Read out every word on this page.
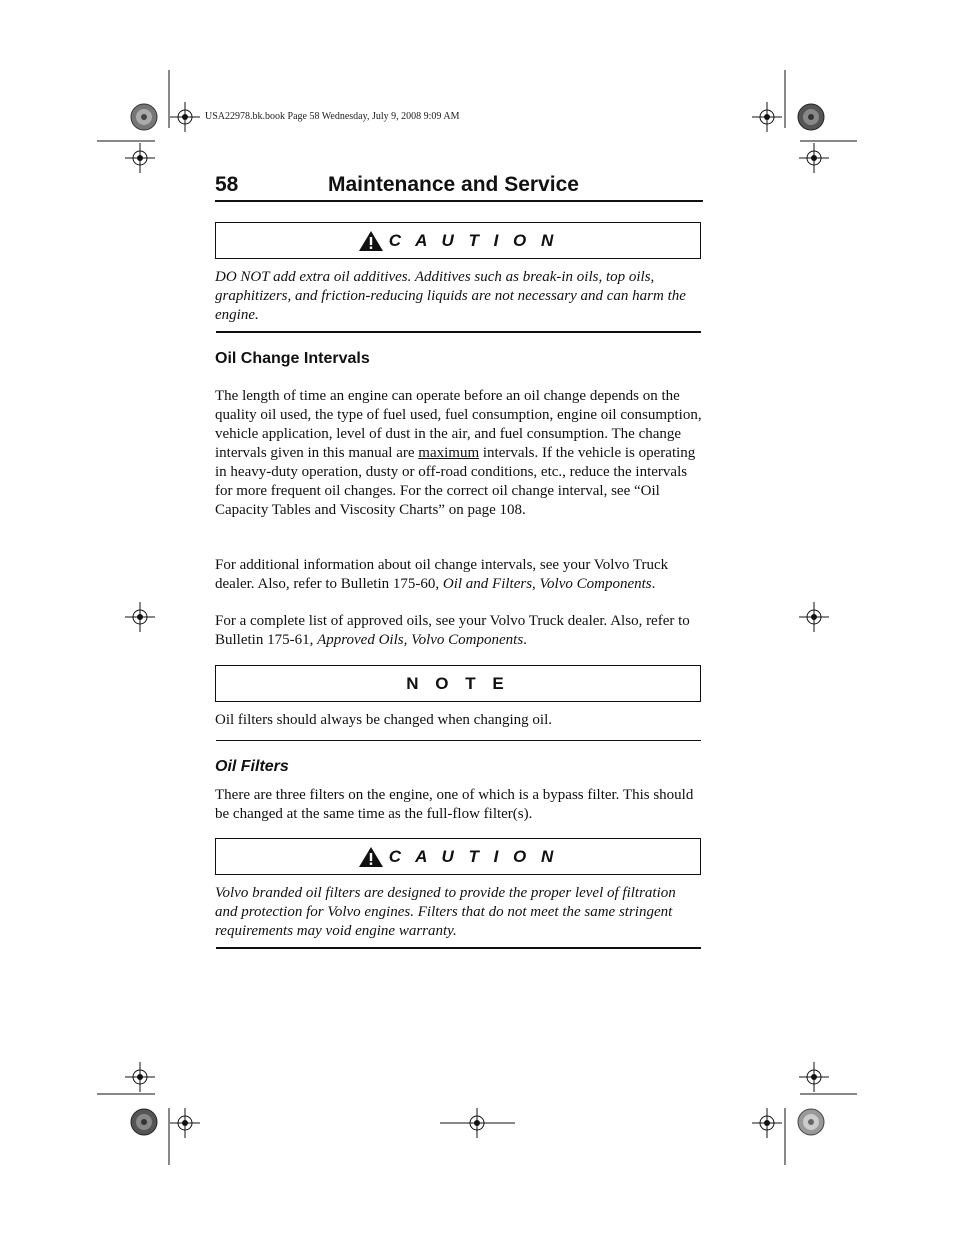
USA22978.bk.book Page 58 Wednesday, July 9, 2008 9:09 AM
58	Maintenance and Service
C A U T I O N
DO NOT add extra oil additives. Additives such as break-in oils, top oils, graphitizers, and friction-reducing liquids are not necessary and can harm the engine.
Oil Change Intervals
The length of time an engine can operate before an oil change depends on the quality oil used, the type of fuel used, fuel consumption, engine oil consumption, vehicle application, level of dust in the air, and fuel consumption. The change intervals given in this manual are maximum intervals. If the vehicle is operating in heavy-duty operation, dusty or off-road conditions, etc., reduce the intervals for more frequent oil changes. For the correct oil change interval, see “Oil Capacity Tables and Viscosity Charts” on page 108.
For additional information about oil change intervals, see your Volvo Truck dealer. Also, refer to Bulletin 175-60, Oil and Filters, Volvo Components.
For a complete list of approved oils, see your Volvo Truck dealer. Also, refer to Bulletin 175-61, Approved Oils, Volvo Components.
N O T E
Oil filters should always be changed when changing oil.
Oil Filters
There are three filters on the engine, one of which is a bypass filter. This should be changed at the same time as the full-flow filter(s).
C A U T I O N
Volvo branded oil filters are designed to provide the proper level of filtration and protection for Volvo engines. Filters that do not meet the same stringent requirements may void engine warranty.
